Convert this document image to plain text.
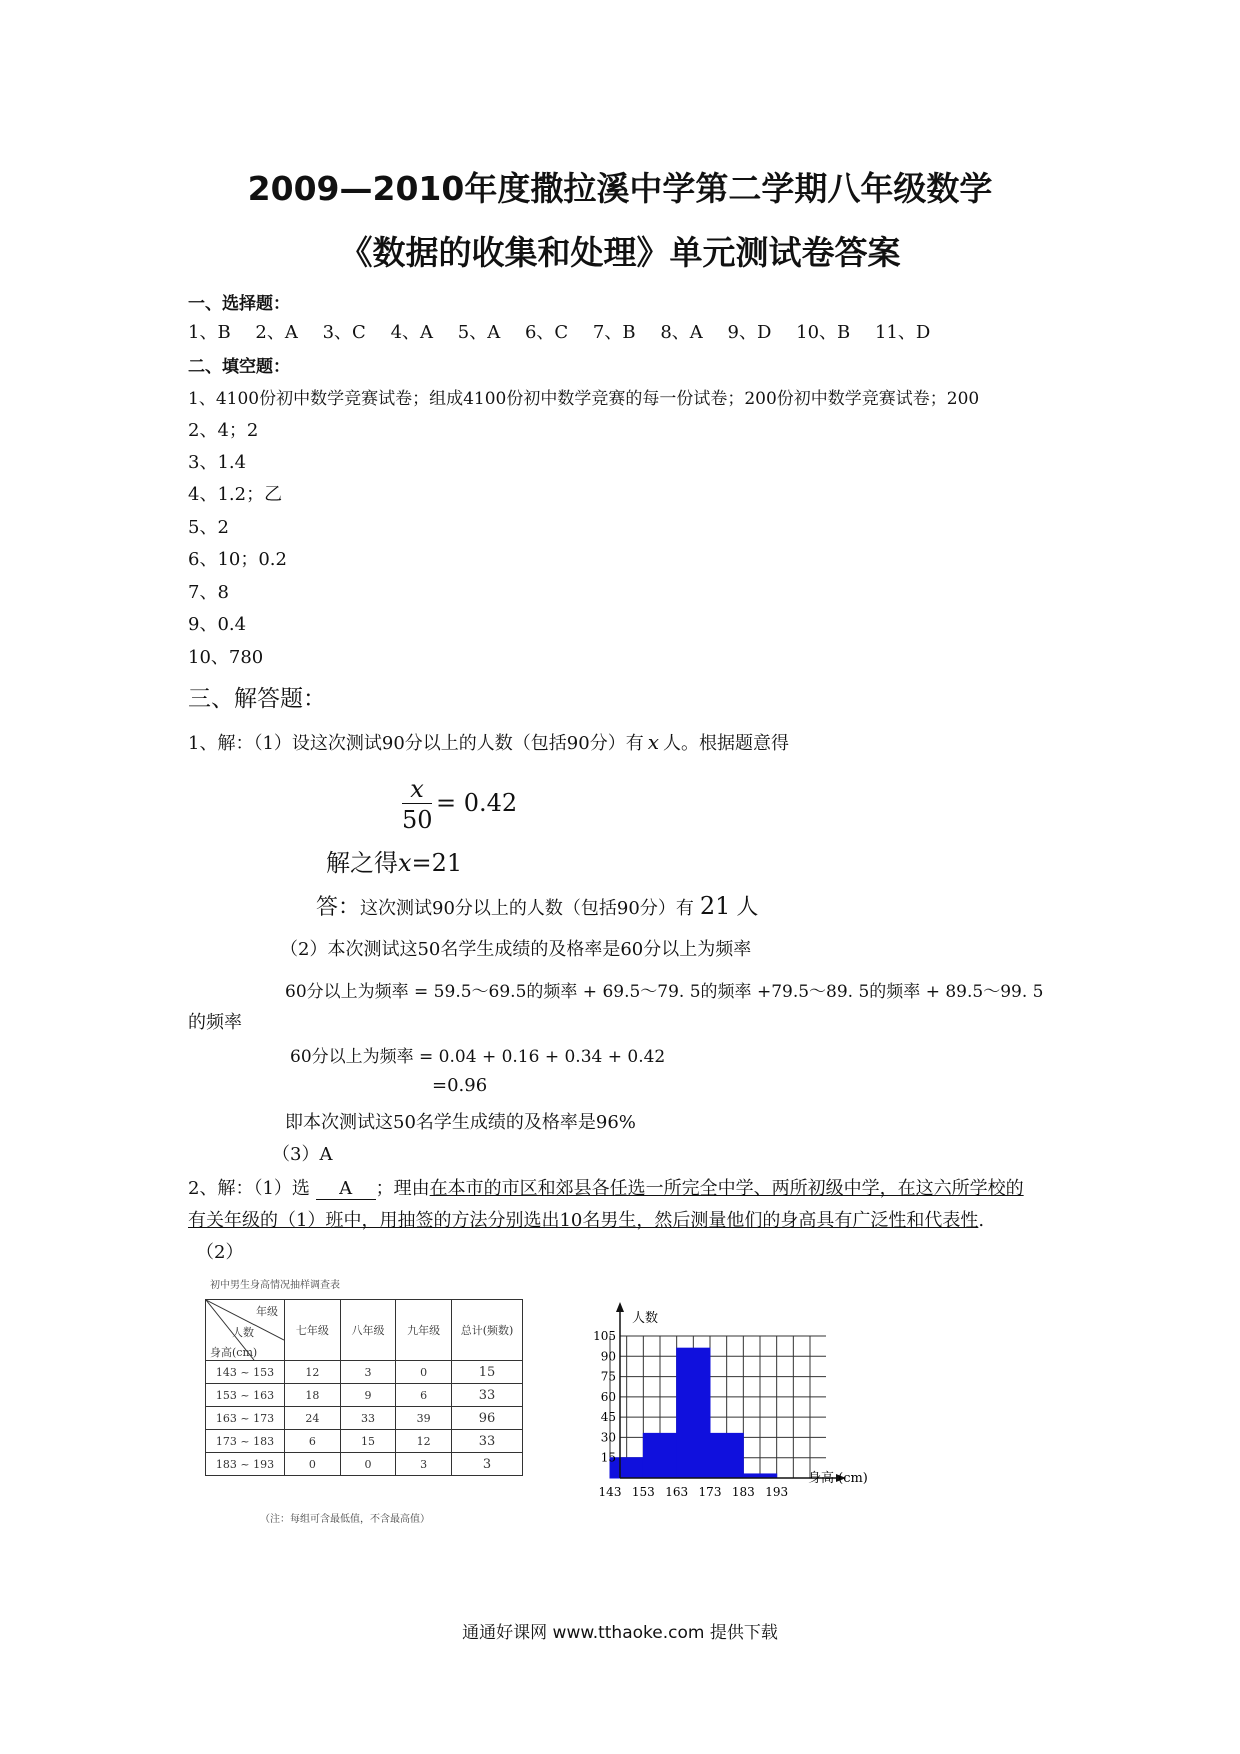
2009—2010年度撒拉溪中学第二学期八年级数学
《数据的收集和处理》单元测试卷答案
一、选择题：
1、B 2、A 3、C 4、A 5、A 6、C 7、B 8、A 9、D 10、B 11、D
二、填空题：
1、4100份初中数学竞赛试卷；组成4100份初中数学竞赛的每一份试卷；200份初中数学竞赛试卷；200
2、4；2
3、1.4
4、1.2；乙
5、2
6、10；0.2
7、8
9、0.4
10、780
三、解答题：
1、解：（1）设这次测试90分以上的人数（包括90分）有 x 人。根据题意得
$\frac{x}{50} = 0.42$
解之得x=21
答：这次测试90分以上的人数（包括90分）有 21 人
（2）本次测试这50名学生成绩的及格率是60分以上为频率
60分以上为频率 = 59.5～69.5的频率 + 69.5～79. 5的频率 +79.5～89. 5的频率 + 89.5～99. 5
的频率
60分以上为频率 = 0.04 + 0.16 + 0.34 + 0.42
=0.96
即本次测试这50名学生成绩的及格率是96%
（3）A
2、解：（1）选 A ；理由在本市的市区和郊县各任选一所完全中学、两所初级中学，在这六所学校的
有关年级的（1）班中，用抽签的方法分别选出10名男生，然后测量他们的身高具有广泛性和代表性.
（2）
初中男生身高情况抽样调查表
年级
人数
身高(cm)	七年级	八年级	九年级	总计(频数)
143 ~ 153	12	3	0	15
153 ~ 163	18	9	6	33
163 ~ 173	24	33	39	96
173 ~ 183	6	15	12	33
183 ~ 193	0	0	3	3
（注：每组可含最低值，不含最高值）
15
30
45
60
75
90
105
143 153 163 173 183 193
人数
身高 (cm)
通通好课网 www.tthaoke.com 提供下载
